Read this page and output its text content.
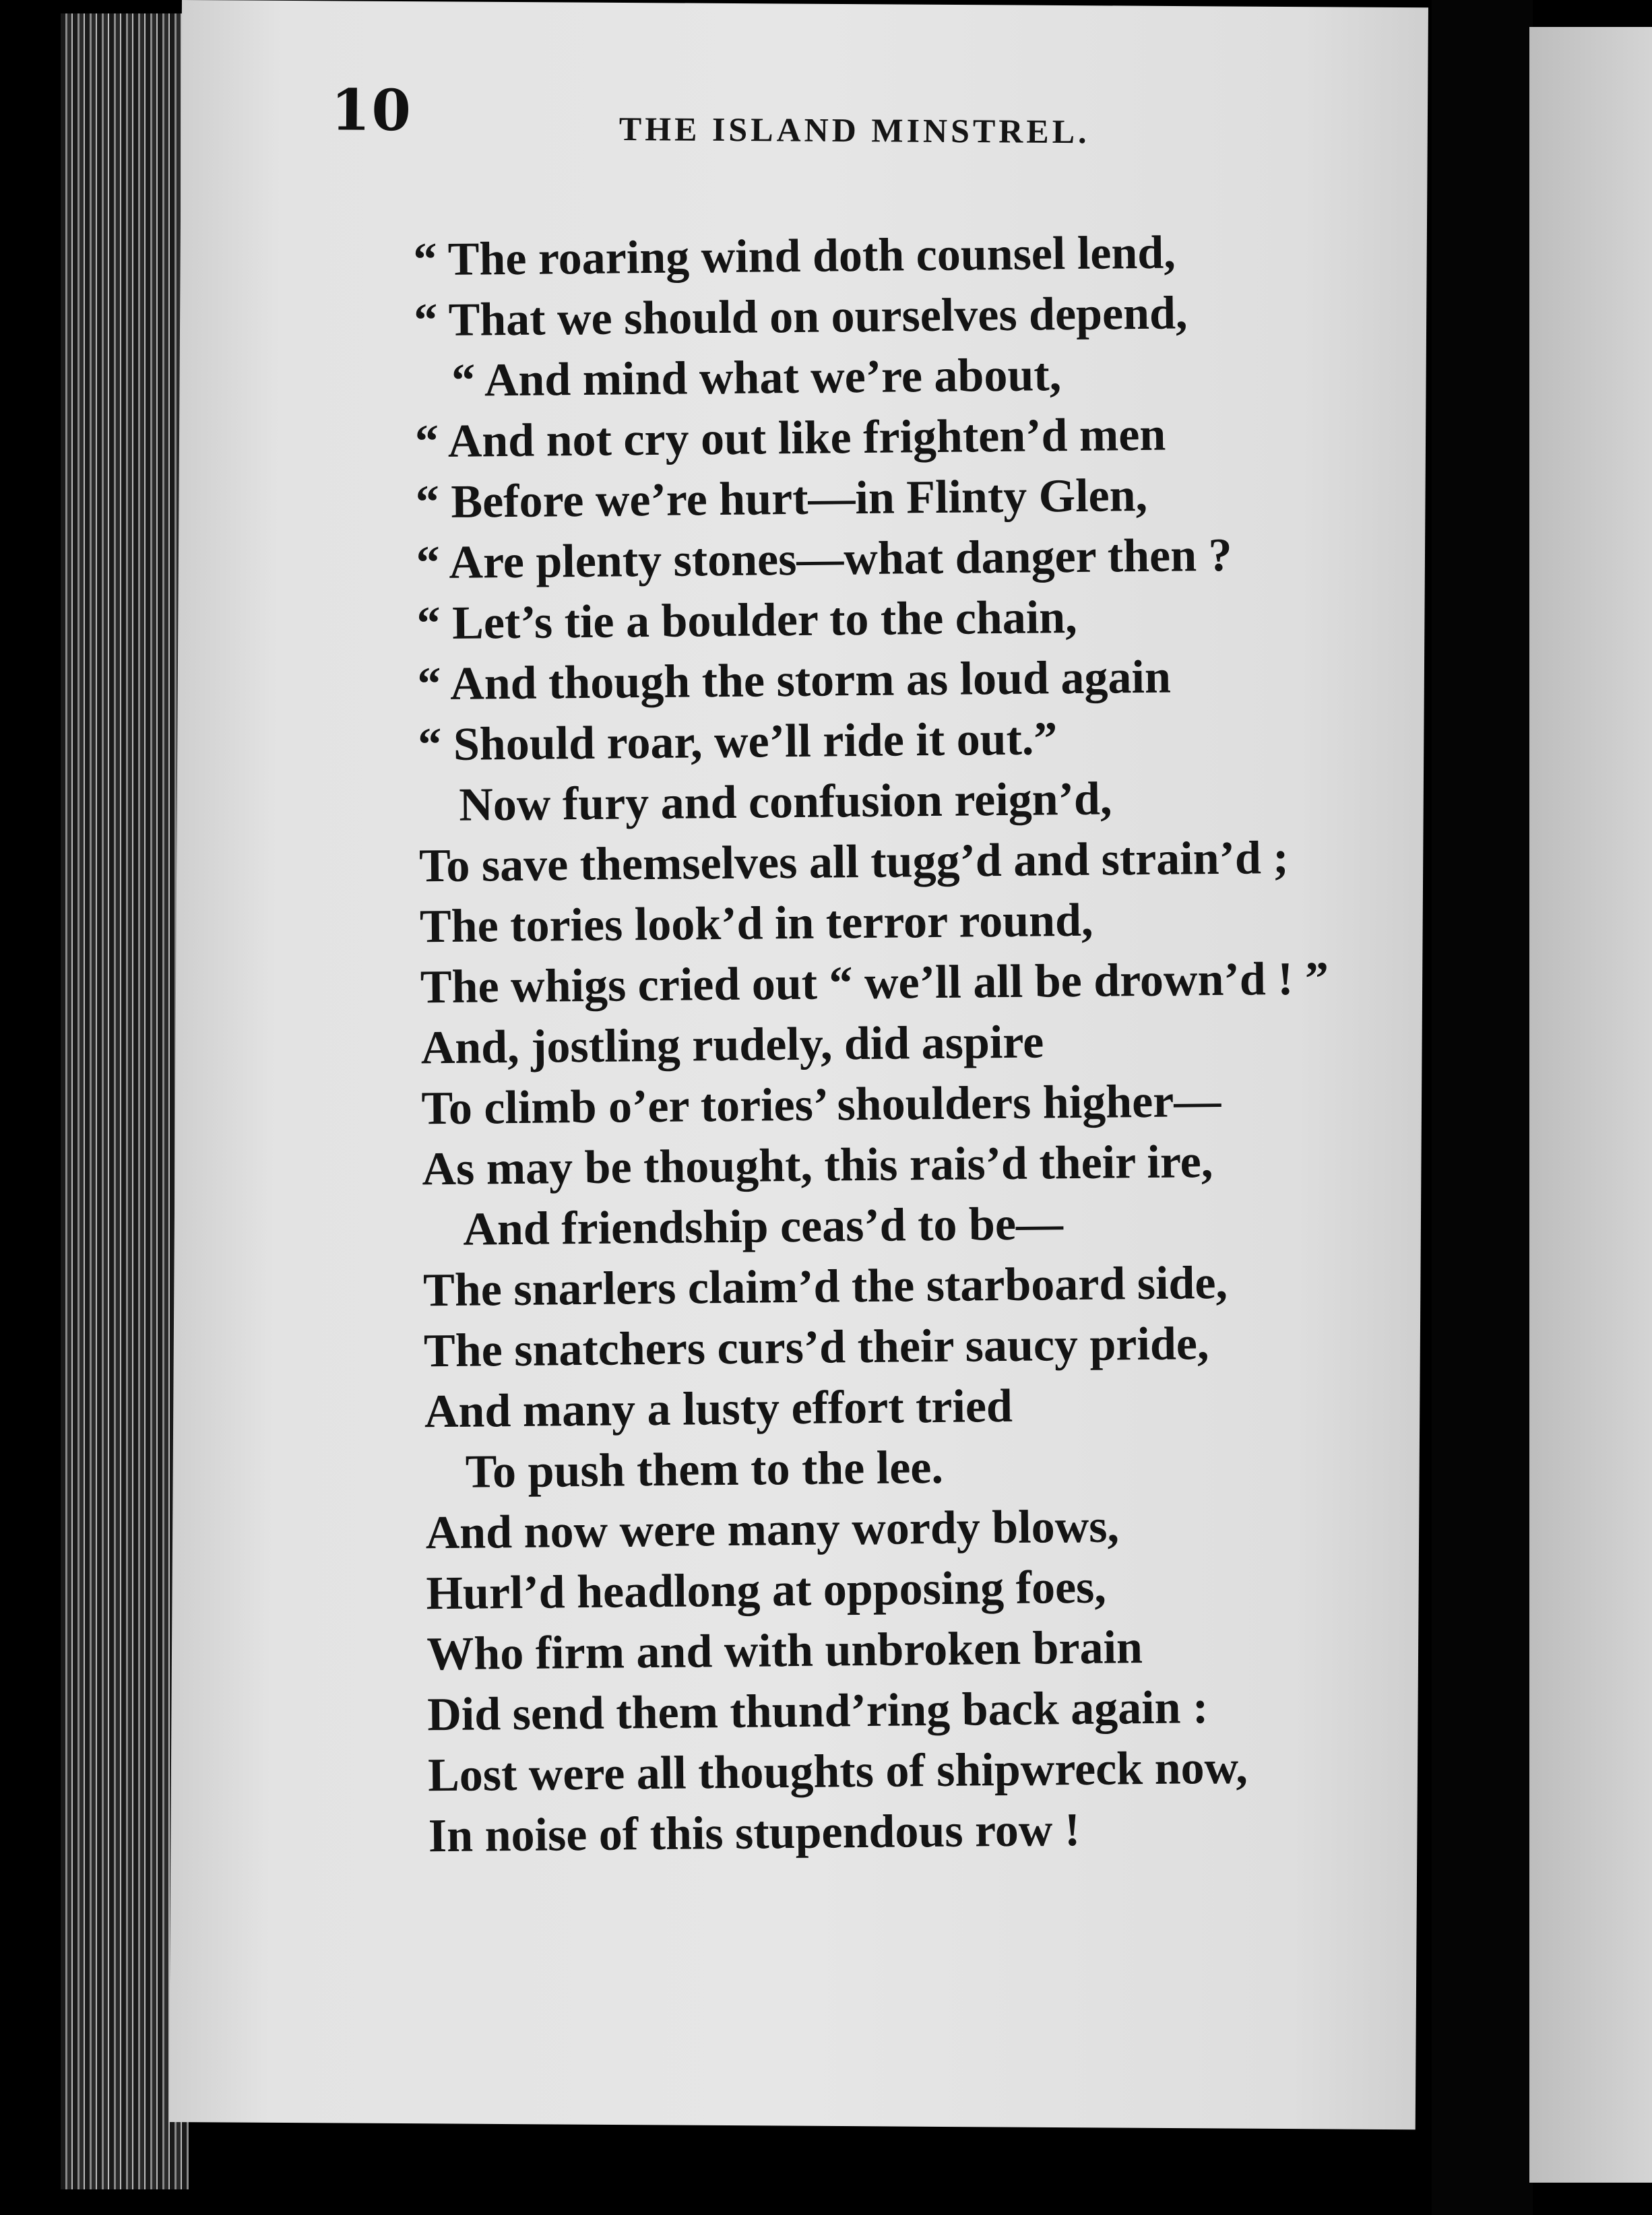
10	THE ISLAND MINSTREL.
“ The roaring wind doth counsel lend,
“ That we should on ourselves depend,
“ And mind what we’re about,
“ And not cry out like frighten’d men
“ Before we’re hurt—in Flinty Glen,
“ Are plenty stones—what danger then ?
“ Let’s tie a boulder to the chain,
“ And though the storm as loud again
“ Should roar, we’ll ride it out.”
Now fury and confusion reign’d,
To save themselves all tugg’d and strain’d ;
The tories look’d in terror round,
The whigs cried out “ we’ll all be drown’d ! ”
And, jostling rudely, did aspire
To climb o’er tories’ shoulders higher—
As may be thought, this rais’d their ire,
And friendship ceas’d to be—
The snarlers claim’d the starboard side,
The snatchers curs’d their saucy pride,
And many a lusty effort tried
To push them to the lee.
And now were many wordy blows,
Hurl’d headlong at opposing foes,
Who firm and with unbroken brain
Did send them thund’ring back again :
Lost were all thoughts of shipwreck now,
In noise of this stupendous row !
